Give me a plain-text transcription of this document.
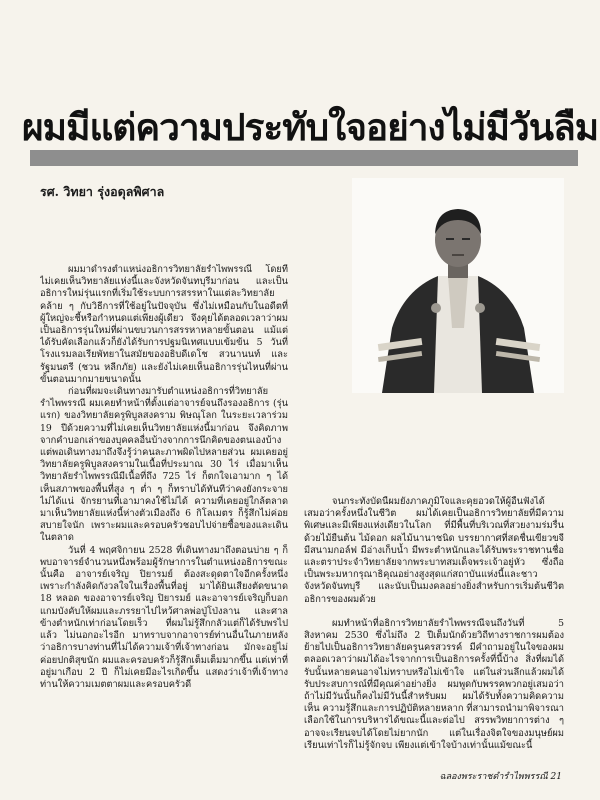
ผมมีแต่ความประทับใจอย่างไม่มีวันลืม
รศ. วิทยา รุ่งอดุลพิศาล

ผมมาดำรงตำแหน่งอธิการวิทยาลัยรำไพพรรณี โดยที่ไม่เคยเห็นวิทยาลัยแห่งนี้และจังหวัดจันทบุรีมาก่อน และเป็นอธิการใหม่รุ่นแรกที่เริ่มใช้ระบบการสรรหาในแต่ละวิทยาลัยคล้าย ๆ กับวิธีการที่ใช้อยู่ในปัจจุบัน ซึ่งไม่เหมือนกับในอดีตที่ผู้ใหญ่จะชี้หรือกำหนดแต่เพียงผู้เดียว จึงคุยได้ตลอดเวลาว่าผมเป็นอธิการรุ่นใหม่ที่ผ่านขบวนการสรรหาหลายขั้นตอน แม้แต่ได้รับคัดเลือกแล้วก็ยังได้รับการปฐมนิเทศแบบเข้มข้น 5 วันที่โรงแรมลอเรียพัทยาในสมัยของอธิบดีเดโช สวนานนท์ และรัฐมนตรี (ชวน หลีกภัย) และยังไม่เคยเห็นอธิการรุ่นไหนที่ผ่านขั้นตอนมากมายขนาดนั้น

ก่อนที่ผมจะเดินทางมารับตำแหน่งอธิการที่วิทยาลัยรำไพพรรณี ผมเคยทำหน้าที่ตั้งแต่อาจารย์จนถึงรองอธิการ (รุ่นแรก) ของวิทยาลัยครูพิบูลสงคราม พิษณุโลก ในระยะเวลาร่วม 19 ปีด้วยความที่ไม่เคยเห็นวิทยาลัยแห่งนี้มาก่อน จึงคิดภาพจากคำบอกเล่าของบุคคลอื่นบ้างจากการนึกคิดของตนเองบ้าง แต่พอเดินทางมาถึงจึงรู้ว่าคนละภาพผิดไปหลายส่วน ผมเคยอยู่วิทยาลัยครูพิบูลสงครามในเนื้อที่ประมาณ 30 ไร่ เมื่อมาเห็นวิทยาลัยรำไพพรรณีมีเนื้อที่ถึง 725 ไร่ ก็ตกใจเอามาก ๆ ได้เห็นสภาพของพื้นที่สูง ๆ ต่ำ ๆ ก็ทราบได้ทันทีว่าคงยังกระจายไม่ได้แน่ จักรยานที่เอามาคงใช้ไม่ได้ ความที่เคยอยู่ใกล้ตลาดมาเห็นวิทยาลัยแห่งนี้ห่างตัวเมืองถึง 6 กิโลเมตร ก็รู้สึกไม่ค่อยสบายใจนัก เพราะผมและครอบครัวชอบไปจ่ายซื้อของและเดินในตลาด

วันที่ 4 พฤศจิกายน 2528 ที่เดินทางมาถึงตอนบ่าย ๆ ก็พบอาจารย์จำนวนหนึ่งพร้อมผู้รักษาการในตำแหน่งอธิการขณะนั้นคือ อาจารย์เจริญ ปิยารมย์ ต้องสะดุดตาใจอีกครั้งหนึ่งเพราะกำลังคิดกังวลใจในเรื่องพื้นที่อยู่ มาได้ยินเสียงตัดขนาด 18 หลอด ของอาจารย์เจริญ ปิยารมย์ และอาจารย์เจริญก็บอกแกมบังคับให้ผมและภรรยาไปไหว้ศาลพ่อปู่โป่งลาน และศาลข้างตำหนักเท่าก่อนโดยเร็ว ที่ผมไม่รู้สึกกลัวแต่ก็ได้รับพรไปแล้ว ไม่นอกอะไรอีก มาทราบจากอาจารย์ท่านอื่นในภายหลังว่าอธิการบางท่านที่ไม่ได้ความเจ้าที่เจ้าทางก่อน มักจะอยู่ไม่ค่อยปกติสุขนัก ผมและครอบครัวก็รู้สึกเต็มเต็มมากขึ้น แต่เท่าที่อยู่มาเกือบ 2 ปี ก็ไม่เคยมีอะไรเกิดขึ้น แสดงว่าเจ้าที่เจ้าทางท่านให้ความเมตตาผมและครอบครัวดี

จนกระทั่งบัดนี้ผมยังภาคภูมิใจและคุยอวดให้ผู้อื่นฟังได้เสมอว่าครั้งหนึ่งในชีวิต ผมได้เคยเป็นอธิการวิทยาลัยที่มีความพิเศษและมีเพียงแห่งเดียวในโลก ที่มีพื้นที่บริเวณที่สวยงามร่มรื่นด้วยไม้ยืนต้น ไม้ดอก ผลไม้นานาชนิด บรรยากาศที่สดชื่นเขียวขจี มีสนามกอล์ฟ มีอ่างเก็บน้ำ มีพระตำหนักและได้รับพระราชทานชื่อและตราประจำวิทยาลัยจากพระบาทสมเด็จพระเจ้าอยู่หัว ซึ่งถือเป็นพระมหากรุณาธิคุณอย่างสูงสุดแก่สถาบันแห่งนี้และชาวจังหวัดจันทบุรี และนับเป็นมงคลอย่างยิ่งสำหรับการเริ่มต้นชีวิตอธิการของผมด้วย

ผมทำหน้าที่อธิการวิทยาลัยรำไพพรรณีจนถึงวันที่ 5 สิงหาคม 2530 ซึ่งไม่ถึง 2 ปีเต็มนักด้วยวิถีทางราชการผมต้องย้ายไปเป็นอธิการวิทยาลัยครูนครสวรรค์ มีคำถามอยู่ในใจของผมตลอดเวลาว่าผมได้อะไรจากการเป็นอธิการครั้งที่นี้บ้าง สิ่งที่ผมได้รับนั้นหลายคนอาจไม่ทราบหรือไม่เข้าใจ แต่ในส่วนลึกแล้วผมได้รับประสบการณ์ที่มีคุณค่าอย่างยิ่ง ผมพูดกับพรรคพวกอยู่เสมอว่าถ้าไม่มีวันนั้นก็คงไม่มีวันนี้สำหรับผม ผมได้รับทั้งความคิดความเห็น ความรู้สึกและการปฏิบัติหลายหลาก ที่สามารถนำมาพิจารณาเลือกใช้ในการบริหารได้ขณะนี้และต่อไป สรรพวิทยาการต่าง ๆ อาจจะเรียนจบได้โดยไม่ยากนัก แต่ในเรื่องจิตใจของมนุษย์ผมเรียนเท่าไรก็ไม่รู้จักจบ เพียงแต่เข้าใจบ้างเท่านั้นแม้ขณะนี้

ฉลองพระราชดำรำไพพรรณี 21
